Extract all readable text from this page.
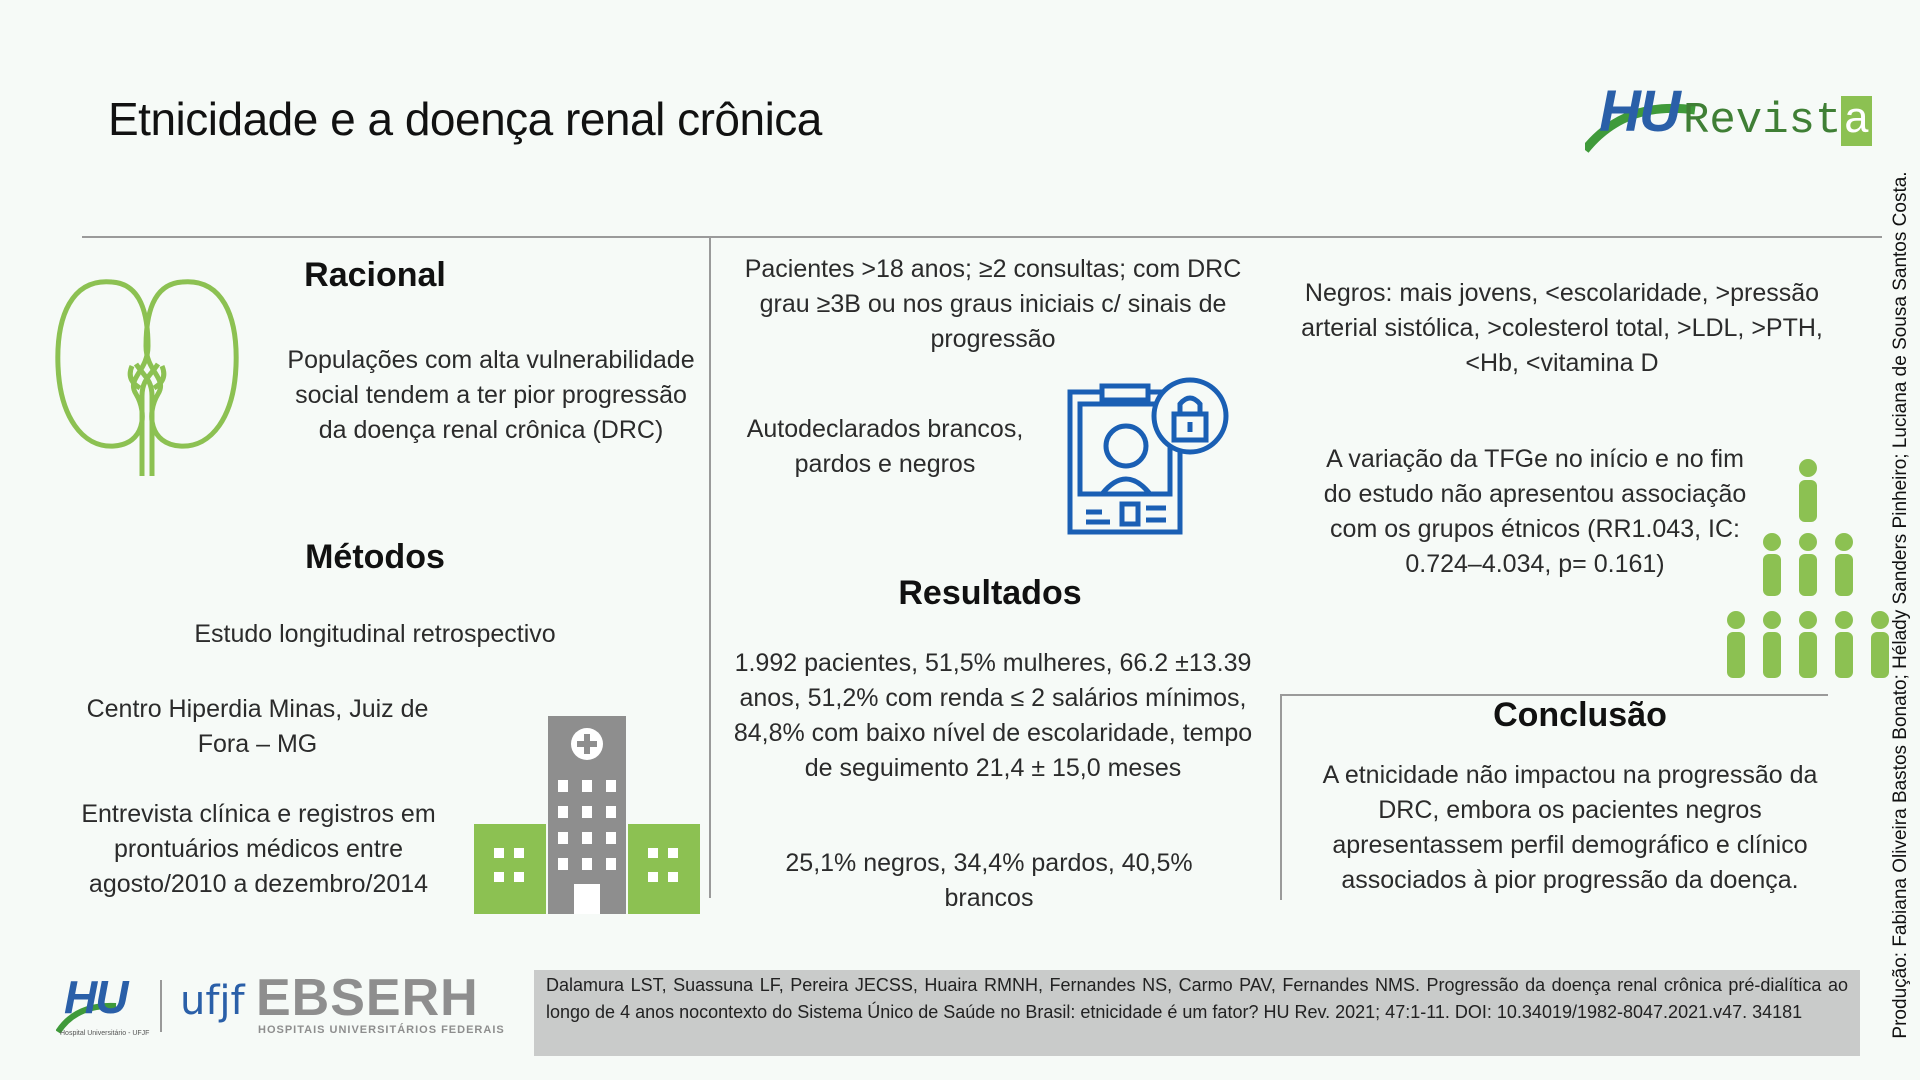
Etnicidade e a doença renal crônica	HU Revista
Produção: Fabiana Oliveira Bastos Bonato; Hélady Sanders Pinheiro; Luciana de Sousa Santos Costa.
Racional
Populações com alta vulnerabilidade social tendem a ter pior progressão da doença renal crônica (DRC)
Métodos
Estudo longitudinal retrospectivo
Centro Hiperdia Minas, Juiz de Fora – MG
Entrevista clínica e registros em prontuários médicos entre agosto/2010 a dezembro/2014
Pacientes >18 anos; ≥2 consultas; com DRC grau ≥3B ou nos graus iniciais c/ sinais de progressão
Autodeclarados brancos, pardos e negros
Resultados
1.992 pacientes, 51,5% mulheres, 66.2 ±13.39 anos, 51,2% com renda ≤ 2 salários mínimos, 84,8% com baixo nível de escolaridade, tempo de seguimento 21,4 ± 15,0 meses
25,1% negros, 34,4% pardos, 40,5% brancos
Negros: mais jovens, <escolaridade, >pressão arterial sistólica, >colesterol total, >LDL, >PTH, <Hb, <vitamina D
A variação da TFGe no início e no fim do estudo não apresentou associação com os grupos étnicos (RR1.043, IC: 0.724–4.034, p= 0.161)
Conclusão
A etnicidade não impactou na progressão da DRC, embora os pacientes negros apresentassem perfil demográfico e clínico associados à pior progressão da doença.
HU
Hospital Universitário - UFJF
ufjf EBSERH
HOSPITAIS UNIVERSITÁRIOS FEDERAIS
Dalamura LST, Suassuna LF, Pereira JECSS, Huaira RMNH, Fernandes NS, Carmo PAV, Fernandes NMS. Progressão da doença renal crônica pré-dialítica ao longo de 4 anos nocontexto do Sistema Único de Saúde no Brasil: etnicidade é um fator? HU Rev. 2021; 47:1-11. DOI: 10.34019/1982-8047.2021.v47. 34181
